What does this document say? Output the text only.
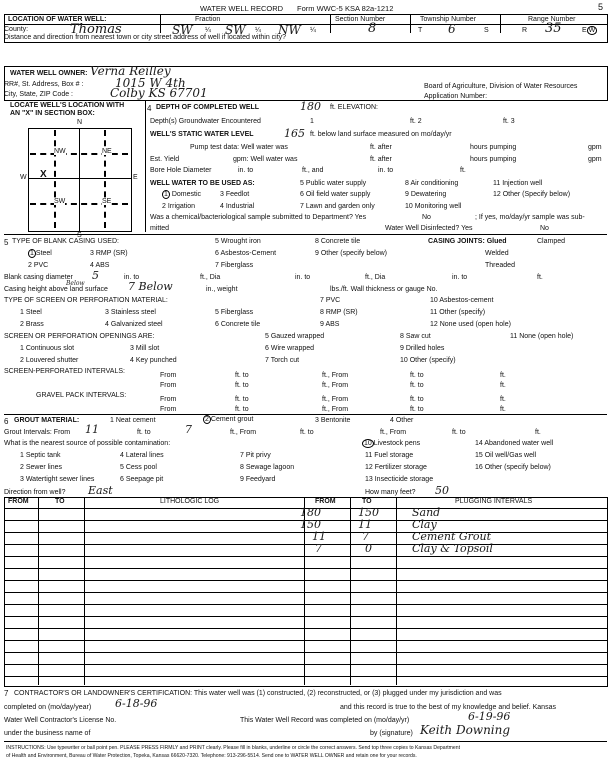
WATER WELL RECORD Form WWC-5 KSA 82a-1212	5
LOCATION OF WATER WELL:	Fraction	Section Number	Township Number	Range Number
County:	Thomas	SW ¼ SW ¼ NW ¼	8	T 6	S	R 35	E W
Distance and direction from nearest town or city street address of well if located within city?
WATER WELL OWNER: Verna Reilley
RR#, St. Address, Box # :	1015 W 4th
City, State, ZIP Code :	Colby KS 67701	Board of Agriculture, Division of Water Resources
Application Number:
LOCATE WELL'S LOCATION WITH
AN "X" IN SECTION BOX:
N
S
W	E
NW	NE
SW	SE
X
4 DEPTH OF COMPLETED WELL	180 ft. ELEVATION:
Depth(s) Groundwater Encountered	1	ft. 2	ft. 3
WELL'S STATIC WATER LEVEL	165 ft. below land surface measured on mo/day/yr
Pump test data: Well water was	ft. after	hours pumping	gpm
Est. Yield	gpm: Well water was	ft. after	hours pumping	gpm
Bore Hole Diameter	in. to	ft., and	in. to	ft.
WELL WATER TO BE USED AS:
1 Domestic
2 Irrigation
3 Feedlot
4 Industrial
5 Public water supply
6 Oil field water supply
7 Lawn and garden only
8 Air conditioning
9 Dewatering
10 Monitoring well
11 Injection well
12 Other (Specify below)
Was a chemical/bacteriological sample submitted to Department? Yes	No	; If yes, mo/day/yr sample was sub-
mitted	Water Well Disinfected? Yes	No
5 TYPE OF BLANK CASING USED:
1 Steel
2 PVC
3 RMP (SR)
4 ABS
5 Wrought iron
6 Asbestos-Cement
7 Fiberglass
8 Concrete tile
9 Other (specify below)
CASING JOINTS: Glued	Clamped
Welded
Threaded
Blank casing diameter 5	in. to	ft., Dia	in. to	ft., Dia	in. to	ft.
Casing height above land surface 7 Below
Below
in., weight	lbs./ft. Wall thickness or gauge No.
TYPE OF SCREEN OR PERFORATION MATERIAL:
1 Steel
2 Brass
3 Stainless steel
4 Galvanized steel
5 Fiberglass
6 Concrete tile
7 PVC
8 RMP (SR)
9 ABS
10 Asbestos-cement
11 Other (specify)
12 None used (open hole)
SCREEN OR PERFORATION OPENINGS ARE:
1 Continuous slot
2 Louvered shutter
3 Mill slot
4 Key punched
5 Gauzed wrapped
6 Wire wrapped
7 Torch cut
8 Saw cut
9 Drilled holes
10 Other (specify)
11 None (open hole)
SCREEN-PERFORATED INTERVALS:
GRAVEL PACK INTERVALS:
From	ft. to	ft., From	ft. to	ft.
From	ft. to	ft., From	ft. to	ft.
From	ft. to	ft., From	ft. to	ft.
From	ft. to	ft., From	ft. to	ft.
6 GROUT MATERIAL:	1 Neat cement	2 Cement grout	3 Bentonite	4 Other
Grout Intervals: From 11	ft. to	7	ft., From	ft. to	ft., From	ft. to	ft.
What is the nearest source of possible contamination:
1 Septic tank
2 Sewer lines
3 Watertight sewer lines
4 Lateral lines
5 Cess pool
6 Seepage pit
7 Pit privy
8 Sewage lagoon
9 Feedyard
10 Livestock pens
11 Fuel storage
12 Fertilizer storage
13 Insecticide storage
14 Abandoned water well
15 Oil well/Gas well
16 Other (specify below)
Direction from well? East	How many feet? 50
FROM	TO	LITHOLOGIC LOG	FROM	TO	PLUGGING INTERVALS
180	150	Sand
150	11	Clay
11	7	Cement Grout
7	0	Clay & Topsoil
7 CONTRACTOR'S OR LANDOWNER'S CERTIFICATION: This water well was (1) constructed, (2) reconstructed, or (3) plugged under my jurisdiction and was
completed on (mo/day/year) 6-18-96	and this record is true to the best of my knowledge and belief. Kansas
Water Well Contractor's License No.	This Water Well Record was completed on (mo/day/yr)	6-19-96
under the business name of	by (signature) Keith Downing
INSTRUCTIONS: Use typewriter or ball point pen. PLEASE PRESS FIRMLY and PRINT clearly. Please fill in blanks, underline or circle the correct answers. Send top three copies to Kansas Department
of Health and Environment, Bureau of Water Protection, Topeka, Kansas 66620-7320. Telephone: 913-296-5514. Send one to WATER WELL OWNER and retain one for your records.
